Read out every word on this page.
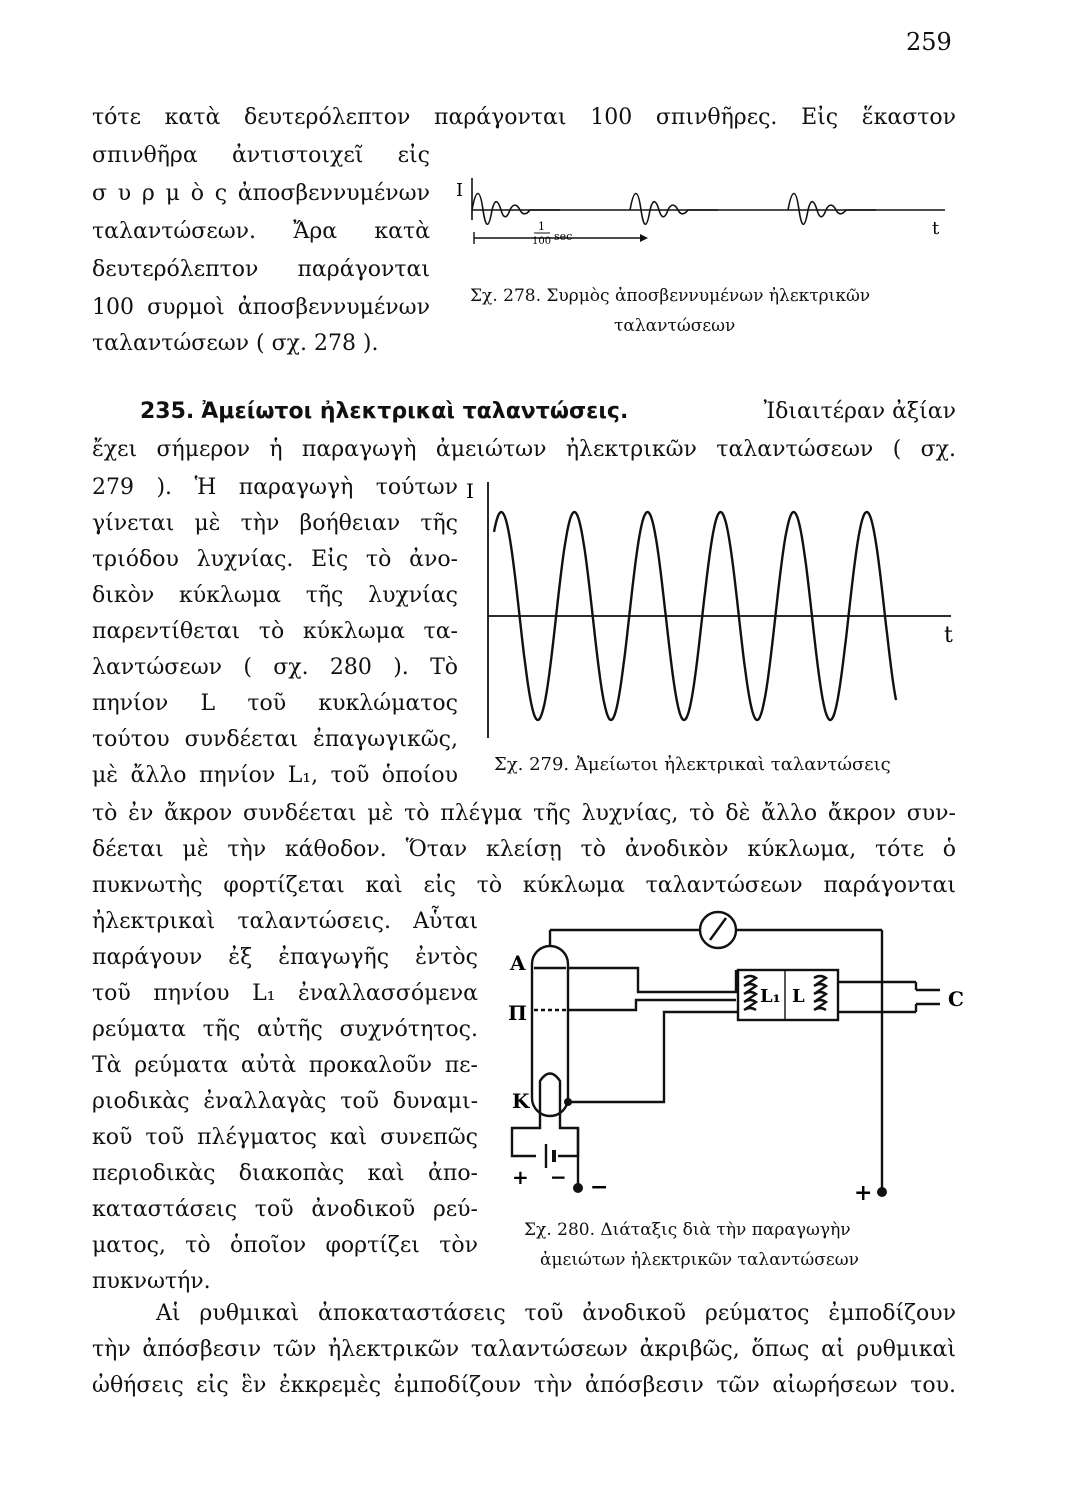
259
τότε κατὰ δευτερόλεπτον παράγονται 100 σπινθῆρες. Εἰς ἕκαστον
σπινθῆρα ἀντιστοιχεῖ εἰς
σ υ ρ μ ὸ ς ἀποσβεννυμένων
ταλαντώσεων. Ἄρα κατὰ
δευτερόλεπτον παράγονται
100 συρμοὶ ἀποσβεννυμένων
ταλαντώσεων ( σχ. 278 ).
I
1
100 sec	t
Σχ. 278. Συρμὸς ἀποσβεννυμένων ἠλεκτρικῶν
ταλαντώσεων
235. Ἀμείωτοι ἠλεκτρικαὶ ταλαντώσεις.	Ἰδιαιτέραν ἀξίαν
ἔχει σήμερον ἡ παραγωγὴ ἀμειώτων ἠλεκτρικῶν ταλαντώσεων ( σχ.
279 ). Ἡ παραγωγὴ τούτων
γίνεται μὲ τὴν βοήθειαν τῆς
τριόδου λυχνίας. Εἰς τὸ ἀνο-
δικὸν κύκλωμα τῆς λυχνίας
παρεντίθεται τὸ κύκλωμα τα-
λαντώσεων ( σχ. 280 ). Τὸ
πηνίον L τοῦ κυκλώματος
τούτου συνδέεται ἐπαγωγικῶς,
μὲ ἄλλο πηνίον L₁, τοῦ ὁποίου
I
t
Σχ. 279. Ἀμείωτοι ἠλεκτρικαὶ ταλαντώσεις
τὸ ἐν ἄκρον συνδέεται μὲ τὸ πλέγμα τῆς λυχνίας, τὸ δὲ ἄλλο ἄκρον συν-
δέεται μὲ τὴν κάθοδον. Ὅταν κλείσῃ τὸ ἀνοδικὸν κύκλωμα, τότε ὁ
πυκνωτὴς φορτίζεται καὶ εἰς τὸ κύκλωμα ταλαντώσεων παράγονται
ἠλεκτρικαὶ ταλαντώσεις. Αὗται
παράγουν ἐξ ἐπαγωγῆς ἐντὸς
τοῦ πηνίου L₁ ἐναλλασσόμενα
ρεύματα τῆς αὐτῆς συχνότητος.
Τὰ ρεύματα αὐτὰ προκαλοῦν πε-
ριοδικὰς ἐναλλαγὰς τοῦ δυναμι-
κοῦ τοῦ πλέγματος καὶ συνεπῶς
περιοδικὰς διακοπὰς καὶ ἀπο-
καταστάσεις τοῦ ἀνοδικοῦ ρεύ-
ματος, τὸ ὁποῖον φορτίζει τὸν
πυκνωτήν.
A
Π
K
L₁ L	C
+ − −	+
Σχ. 280. Διάταξις διὰ τὴν παραγωγὴν
ἀμειώτων ἠλεκτρικῶν ταλαντώσεων
Αἱ ρυθμικαὶ ἀποκαταστάσεις τοῦ ἀνοδικοῦ ρεύματος ἐμποδίζουν
τὴν ἀπόσβεσιν τῶν ἠλεκτρικῶν ταλαντώσεων ἀκριβῶς, ὅπως αἱ ρυθμικαὶ
ὠθήσεις εἰς ἓν ἐκκρεμὲς ἐμποδίζουν τὴν ἀπόσβεσιν τῶν αἰωρήσεων του.
